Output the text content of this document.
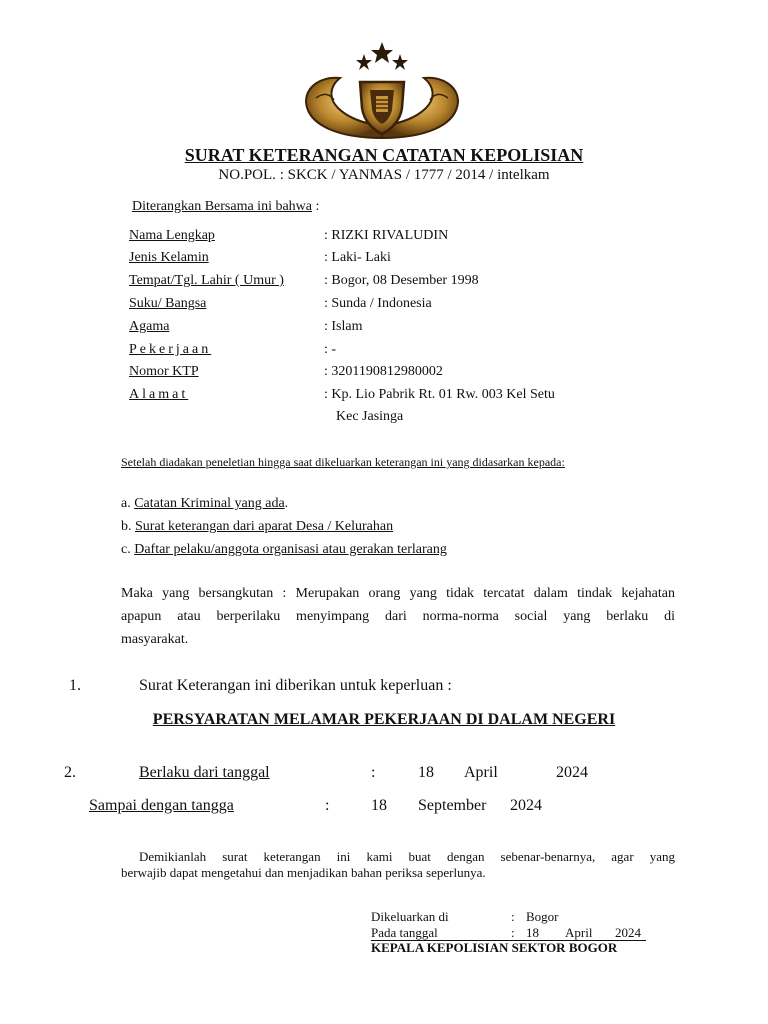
SURAT KETERANGAN CATATAN KEPOLISIAN
NO.POL. : SKCK / YANMAS / 1777 / 2014 / intelkam
Diterangkan Bersama ini bahwa :
Nama Lengkap	: RIZKI RIVALUDIN
Jenis Kelamin	: Laki- Laki
Tempat/Tgl. Lahir ( Umur )	: Bogor, 08 Desember 1998
Suku/ Bangsa	: Sunda / Indonesia
Agama	: Islam
Pekerjaan	: -
Nomor KTP	: 3201190812980002
Alamat	: Kp. Lio Pabrik Rt. 01 Rw. 003 Kel Setu
Kec Jasinga
Setelah diadakan peneletian hingga saat dikeluarkan keterangan ini yang didasarkan kepada:
a. Catatan Kriminal yang ada.
b. Surat keterangan dari aparat Desa / Kelurahan
c. Daftar pelaku/anggota organisasi atau gerakan terlarang
Maka yang bersangkutan : Merupakan orang yang tidak tercatat dalam tindak kejahatan
apapun atau berperilaku menyimpang dari norma-norma social yang berlaku di
masyarakat.
1.	Surat Keterangan ini diberikan untuk keperluan :
PERSYARATAN MELAMAR PEKERJAAN DI DALAM NEGERI
2.	Berlaku dari tanggal	:	18 April	2024
Sampai dengan tangga	:	18 September 2024
Demikianlah surat keterangan ini kami buat dengan sebenar-benarnya, agar yang
berwajib dapat mengetahui dan menjadikan bahan periksa seperlunya.
Dikeluarkan di	: Bogor
Pada tanggal	: 18 April 2024
KEPALA KEPOLISIAN SEKTOR BOGOR
